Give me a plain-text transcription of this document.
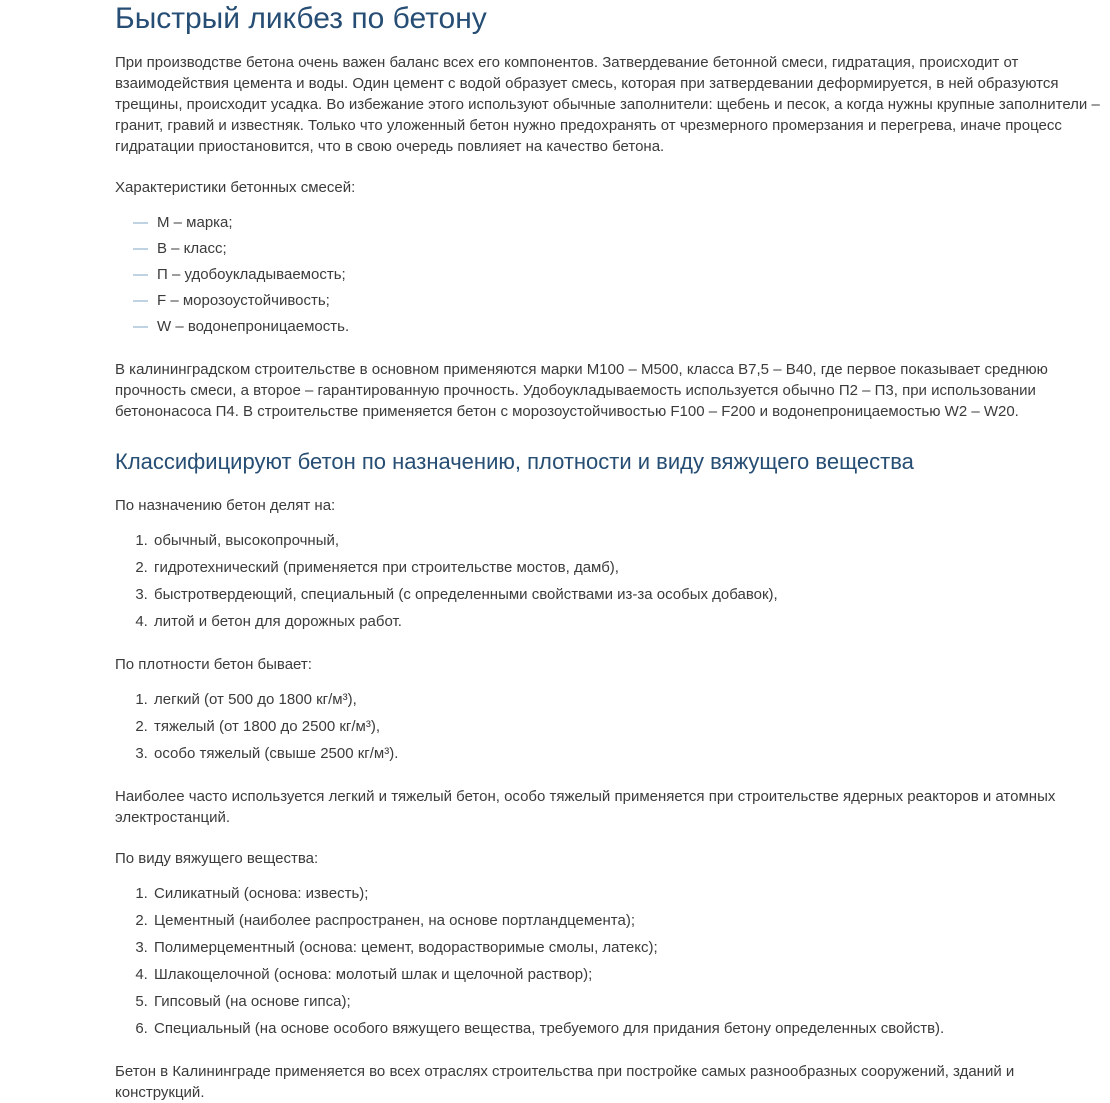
Быстрый ликбез по бетону

При производстве бетона очень важен баланс всех его компонентов. Затвердевание бетонной смеси, гидратация, происходит от взаимодействия цемента и воды. Один цемент с водой образует смесь, которая при затвердевании деформируется, в ней образуются трещины, происходит усадка. Во избежание этого используют обычные заполнители: щебень и песок, а когда нужны крупные заполнители – гранит, гравий и известняк. Только что уложенный бетон нужно предохранять от чрезмерного промерзания и перегрева, иначе процесс гидратации приостановится, что в свою очередь повлияет на качество бетона.

Характеристики бетонных смесей:

— М – марка;
— В – класс;
— П – удобоукладываемость;
— F – морозоустойчивость;
— W – водонепроницаемость.

В калининградском строительстве в основном применяются марки М100 – М500, класса В7,5 – В40, где первое показывает среднюю прочность смеси, а второе – гарантированную прочность. Удобоукладываемость используется обычно П2 – П3, при использовании бетононасоса П4. В строительстве применяется бетон с морозоустойчивостью F100 – F200 и водонепроницаемостью W2 – W20.

Классифицируют бетон по назначению, плотности и виду вяжущего вещества

По назначению бетон делят на:

1. обычный, высокопрочный,
2. гидротехнический (применяется при строительстве мостов, дамб),
3. быстротвердеющий, специальный (с определенными свойствами из-за особых добавок),
4. литой и бетон для дорожных работ.

По плотности бетон бывает:

1. легкий (от 500 до 1800 кг/м³),
2. тяжелый (от 1800 до 2500 кг/м³),
3. особо тяжелый (свыше 2500 кг/м³).

Наиболее часто используется легкий и тяжелый бетон, особо тяжелый применяется при строительстве ядерных реакторов и атомных электростанций.

По виду вяжущего вещества:

1. Силикатный (основа: известь);
2. Цементный (наиболее распространен, на основе портландцемента);
3. Полимерцементный (основа: цемент, водорастворимые смолы, латекс);
4. Шлакощелочной (основа: молотый шлак и щелочной раствор);
5. Гипсовый (на основе гипса);
6. Специальный (на основе особого вяжущего вещества, требуемого для придания бетону определенных свойств).

Бетон в Калининграде применяется во всех отраслях строительства при постройке самых разнообразных сооружений, зданий и конструкций.
